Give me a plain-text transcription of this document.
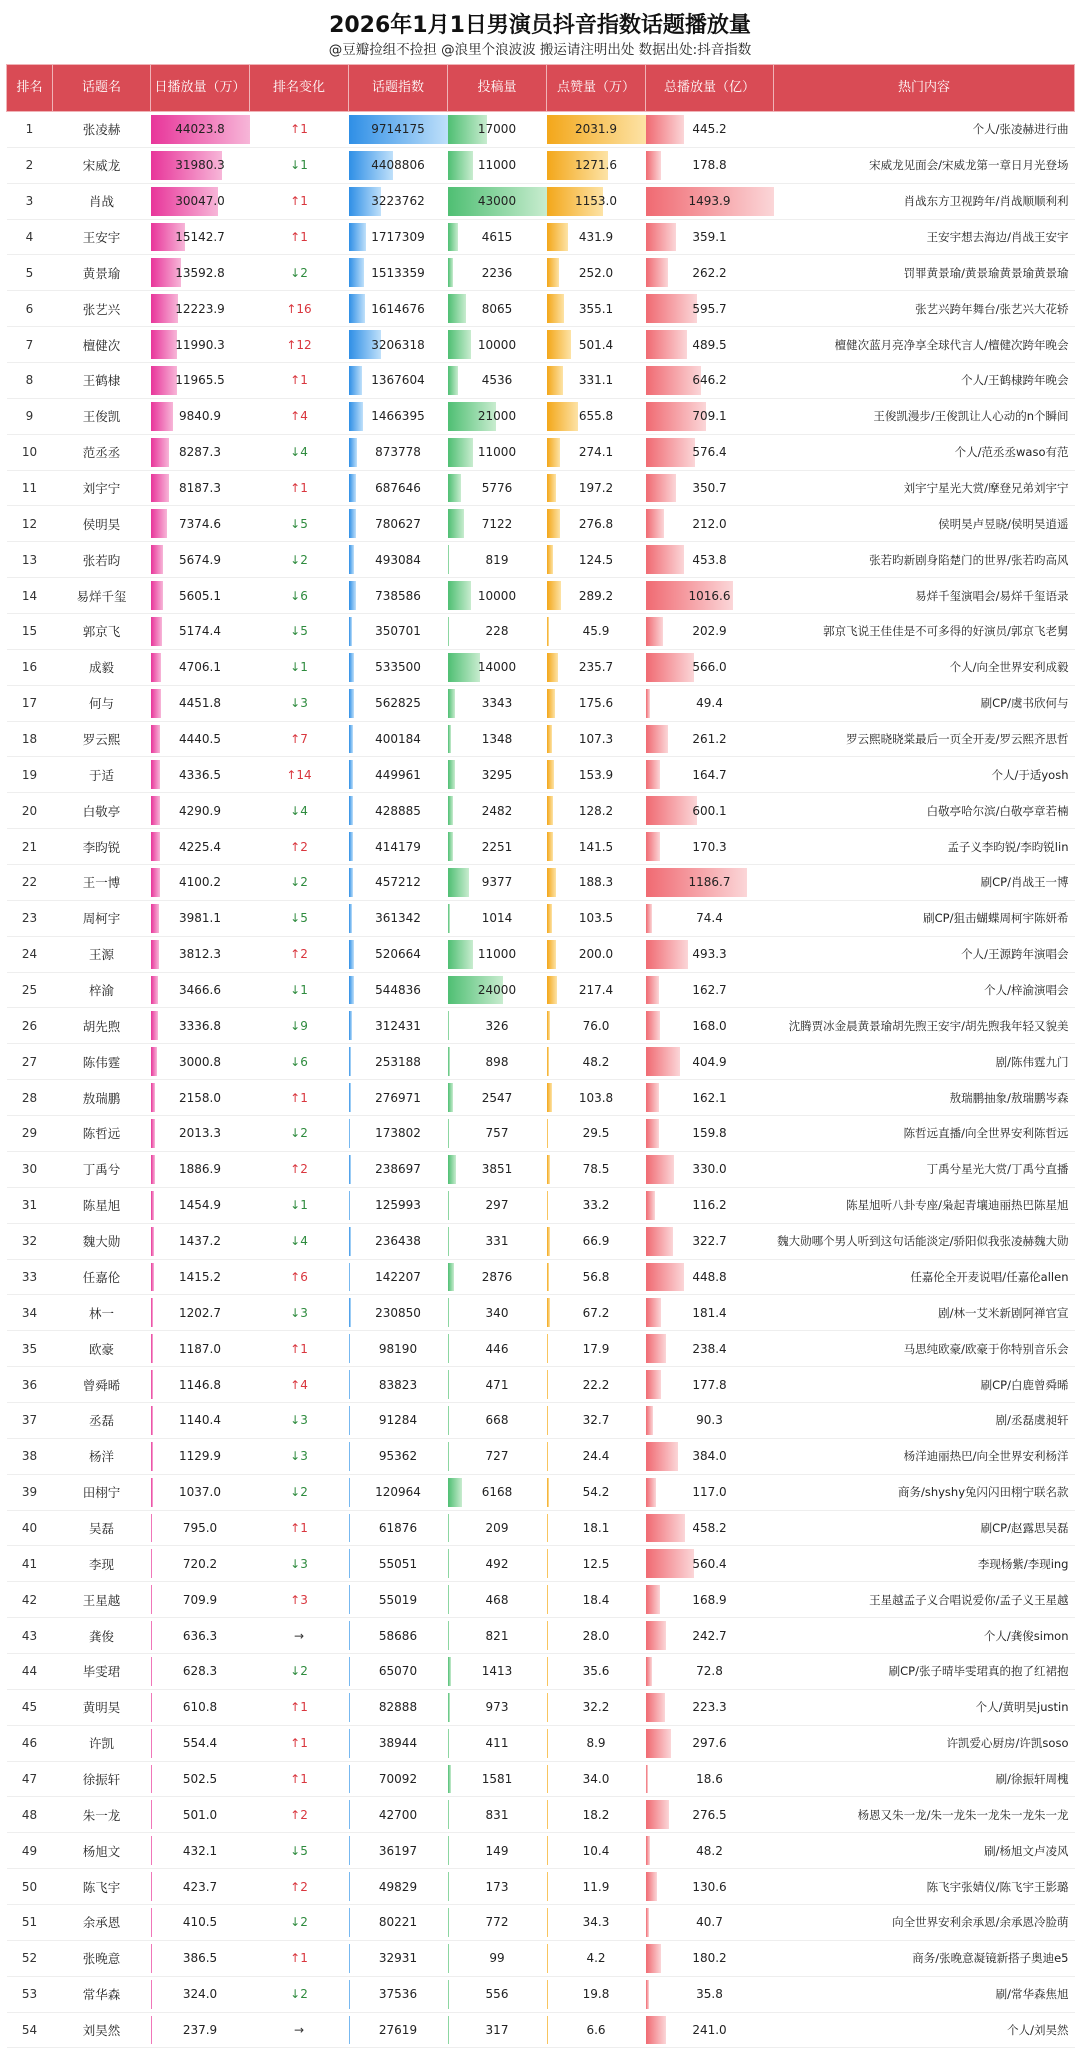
2026年1月1日男演员抖音指数话题播放量
@豆瓣捡组不捡担 @浪里个浪波波 搬运请注明出处 数据出处:抖音指数
排名	话题名	日播放量（万）	排名变化	话题指数	投稿量	点赞量（万）	总播放量（亿）	热门内容
1	张凌赫	44023.8	↑1	9714175	17000	2031.9	445.2	个人/张凌赫进行曲
2	宋威龙	31980.3	↓1	4408806	11000	1271.6	178.8	宋威龙见面会/宋威龙第一章日月光登场
3	肖战	30047.0	↑1	3223762	43000	1153.0	1493.9	肖战东方卫视跨年/肖战顺顺利利
4	王安宇	15142.7	↑1	1717309	4615	431.9	359.1	王安宇想去海边/肖战王安宇
5	黄景瑜	13592.8	↓2	1513359	2236	252.0	262.2	罚罪黄景瑜/黄景瑜黄景瑜黄景瑜
6	张艺兴	12223.9	↑16	1614676	8065	355.1	595.7	张艺兴跨年舞台/张艺兴大花轿
7	檀健次	11990.3	↑12	3206318	10000	501.4	489.5	檀健次蓝月亮净享全球代言人/檀健次跨年晚会
8	王鹤棣	11965.5	↑1	1367604	4536	331.1	646.2	个人/王鹤棣跨年晚会
9	王俊凯	9840.9	↑4	1466395	21000	655.8	709.1	王俊凯漫步/王俊凯让人心动的n个瞬间
10	范丞丞	8287.3	↓4	873778	11000	274.1	576.4	个人/范丞丞waso有范
11	刘宇宁	8187.3	↑1	687646	5776	197.2	350.7	刘宇宁星光大赏/摩登兄弟刘宇宁
12	侯明昊	7374.6	↓5	780627	7122	276.8	212.0	侯明昊卢昱晓/侯明昊逍遥
13	张若昀	5674.9	↓2	493084	819	124.5	453.8	张若昀新剧身陷楚门的世界/张若昀高风
14	易烊千玺	5605.1	↓6	738586	10000	289.2	1016.6	易烊千玺演唱会/易烊千玺语录
15	郭京飞	5174.4	↓5	350701	228	45.9	202.9	郭京飞说王佳佳是不可多得的好演员/郭京飞老舅
16	成毅	4706.1	↓1	533500	14000	235.7	566.0	个人/向全世界安利成毅
17	何与	4451.8	↓3	562825	3343	175.6	49.4	刷CP/虞书欣何与
18	罗云熙	4440.5	↑7	400184	1348	107.3	261.2	罗云熙晓晓棠最后一页全开麦/罗云熙齐思哲
19	于适	4336.5	↑14	449961	3295	153.9	164.7	个人/于适yosh
20	白敬亭	4290.9	↓4	428885	2482	128.2	600.1	白敬亭哈尔滨/白敬亭章若楠
21	李昀锐	4225.4	↑2	414179	2251	141.5	170.3	孟子义李昀锐/李昀锐lin
22	王一博	4100.2	↓2	457212	9377	188.3	1186.7	刷CP/肖战王一博
23	周柯宇	3981.1	↓5	361342	1014	103.5	74.4	刷CP/狙击蝴蝶周柯宇陈妍希
24	王源	3812.3	↑2	520664	11000	200.0	493.3	个人/王源跨年演唱会
25	梓渝	3466.6	↓1	544836	24000	217.4	162.7	个人/梓渝演唱会
26	胡先煦	3336.8	↓9	312431	326	76.0	168.0	沈腾贾冰金晨黄景瑜胡先煦王安宇/胡先煦我年轻又貌美
27	陈伟霆	3000.8	↓6	253188	898	48.2	404.9	剧/陈伟霆九门
28	敖瑞鹏	2158.0	↑1	276971	2547	103.8	162.1	敖瑞鹏抽象/敖瑞鹏岑森
29	陈哲远	2013.3	↓2	173802	757	29.5	159.8	陈哲远直播/向全世界安利陈哲远
30	丁禹兮	1886.9	↑2	238697	3851	78.5	330.0	丁禹兮星光大赏/丁禹兮直播
31	陈星旭	1454.9	↓1	125993	297	33.2	116.2	陈星旭听八卦专座/枭起青壤迪丽热巴陈星旭
32	魏大勋	1437.2	↓4	236438	331	66.9	322.7	魏大勋哪个男人听到这句话能淡定/骄阳似我张凌赫魏大勋
33	任嘉伦	1415.2	↑6	142207	2876	56.8	448.8	任嘉伦全开麦说唱/任嘉伦allen
34	林一	1202.7	↓3	230850	340	67.2	181.4	剧/林一艾米新剧阿禅官宣
35	欧豪	1187.0	↑1	98190	446	17.9	238.4	马思纯欧豪/欧豪于你特别音乐会
36	曾舜晞	1146.8	↑4	83823	471	22.2	177.8	刷CP/白鹿曾舜晞
37	丞磊	1140.4	↓3	91284	668	32.7	90.3	剧/丞磊虞昶轩
38	杨洋	1129.9	↓3	95362	727	24.4	384.0	杨洋迪丽热巴/向全世界安利杨洋
39	田栩宁	1037.0	↓2	120964	6168	54.2	117.0	商务/shyshy兔闪闪田栩宁联名款
40	吴磊	795.0	↑1	61876	209	18.1	458.2	刷CP/赵露思吴磊
41	李现	720.2	↓3	55051	492	12.5	560.4	李现杨紫/李现ing
42	王星越	709.9	↑3	55019	468	18.4	168.9	王星越孟子义合唱说爱你/孟子义王星越
43	龚俊	636.3	→	58686	821	28.0	242.7	个人/龚俊simon
44	毕雯珺	628.3	↓2	65070	1413	35.6	72.8	刷CP/张子晴毕雯珺真的抱了红裙抱
45	黄明昊	610.8	↑1	82888	973	32.2	223.3	个人/黄明昊justin
46	许凯	554.4	↑1	38944	411	8.9	297.6	许凯爱心厨房/许凯soso
47	徐振轩	502.5	↑1	70092	1581	34.0	18.6	刷/徐振轩周槐
48	朱一龙	501.0	↑2	42700	831	18.2	276.5	杨恩又朱一龙/朱一龙朱一龙朱一龙朱一龙
49	杨旭文	432.1	↓5	36197	149	10.4	48.2	刷/杨旭文卢凌风
50	陈飞宇	423.7	↑2	49829	173	11.9	130.6	陈飞宇张婧仪/陈飞宇王影璐
51	余承恩	410.5	↓2	80221	772	34.3	40.7	向全世界安利余承恩/余承恩冷脸萌
52	张晚意	386.5	↑1	32931	99	4.2	180.2	商务/张晚意凝镜新搭子奥迪e5
53	常华森	324.0	↓2	37536	556	19.8	35.8	刷/常华森焦旭
54	刘昊然	237.9	→	27619	317	6.6	241.0	个人/刘昊然
